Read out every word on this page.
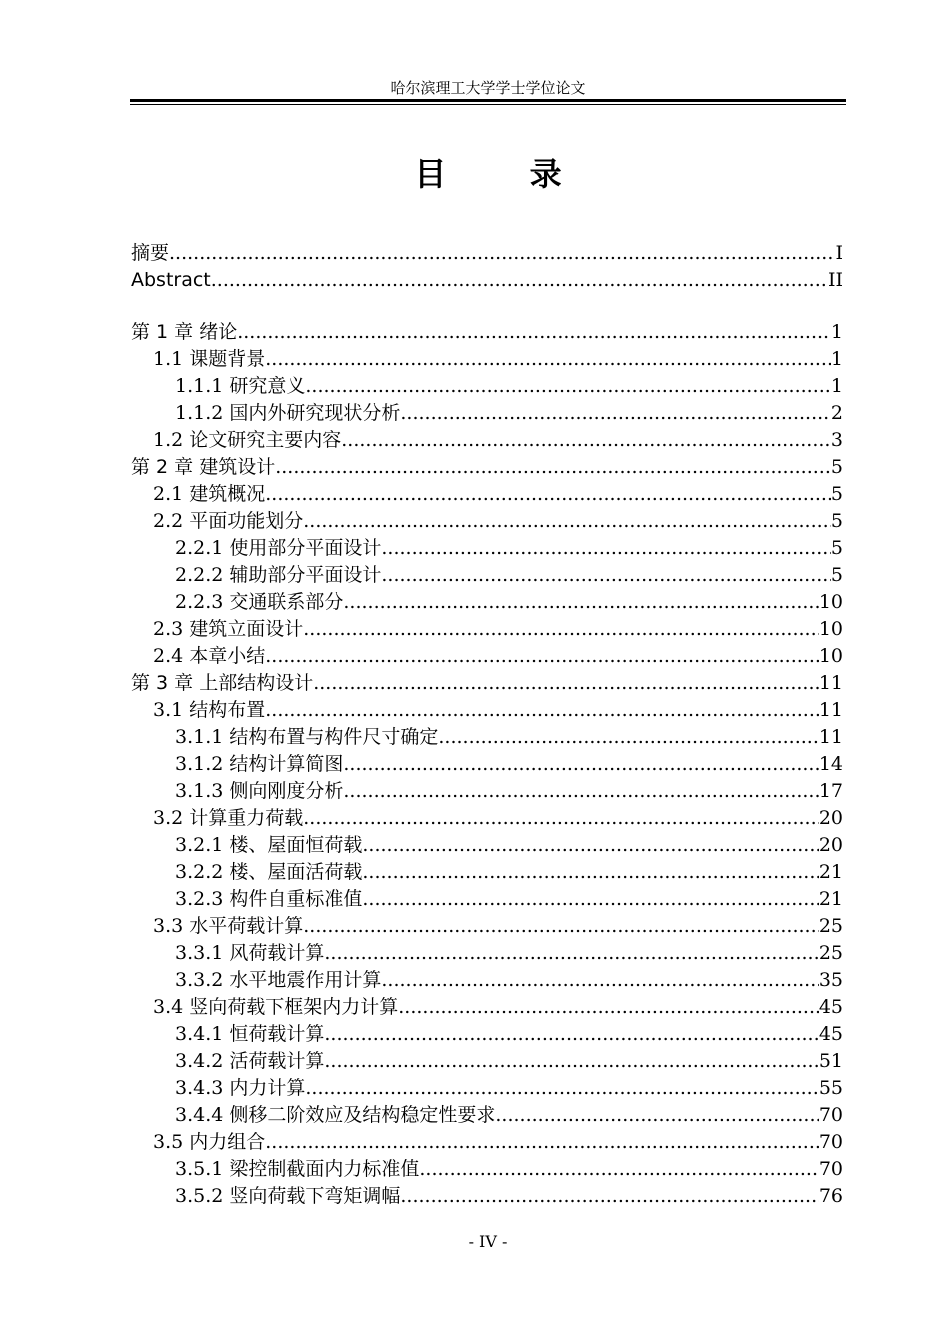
哈尔滨理工大学学士学位论文
目 录
摘要 .....	I
Abstract .....	II
第 1 章 绪论 .....	1
1.1 课题背景 .....	1
1.1.1 研究意义 .....	1
1.1.2 国内外研究现状分析 .....	2
1.2 论文研究主要内容 .....	3
第 2 章 建筑设计 .....	5
2.1 建筑概况 .....	5
2.2 平面功能划分 .....	5
2.2.1 使用部分平面设计 .....	5
2.2.2 辅助部分平面设计 .....	5
2.2.3 交通联系部分 .....	10
2.3 建筑立面设计 .....	10
2.4 本章小结 .....	10
第 3 章 上部结构设计 .....	11
3.1 结构布置 .....	11
3.1.1 结构布置与构件尺寸确定 .....	11
3.1.2 结构计算简图 .....	14
3.1.3 侧向刚度分析 .....	17
3.2 计算重力荷载 .....	20
3.2.1 楼、屋面恒荷载 .....	20
3.2.2 楼、屋面活荷载 .....	21
3.2.3 构件自重标准值 .....	21
3.3 水平荷载计算 .....	25
3.3.1 风荷载计算 .....	25
3.3.2 水平地震作用计算 .....	35
3.4 竖向荷载下框架内力计算 .....	45
3.4.1 恒荷载计算 .....	45
3.4.2 活荷载计算 .....	51
3.4.3 内力计算 .....	55
3.4.4 侧移二阶效应及结构稳定性要求 .....	70
3.5 内力组合 .....	70
3.5.1 梁控制截面内力标准值 .....	70
3.5.2 竖向荷载下弯矩调幅 .....	76
- IV -
